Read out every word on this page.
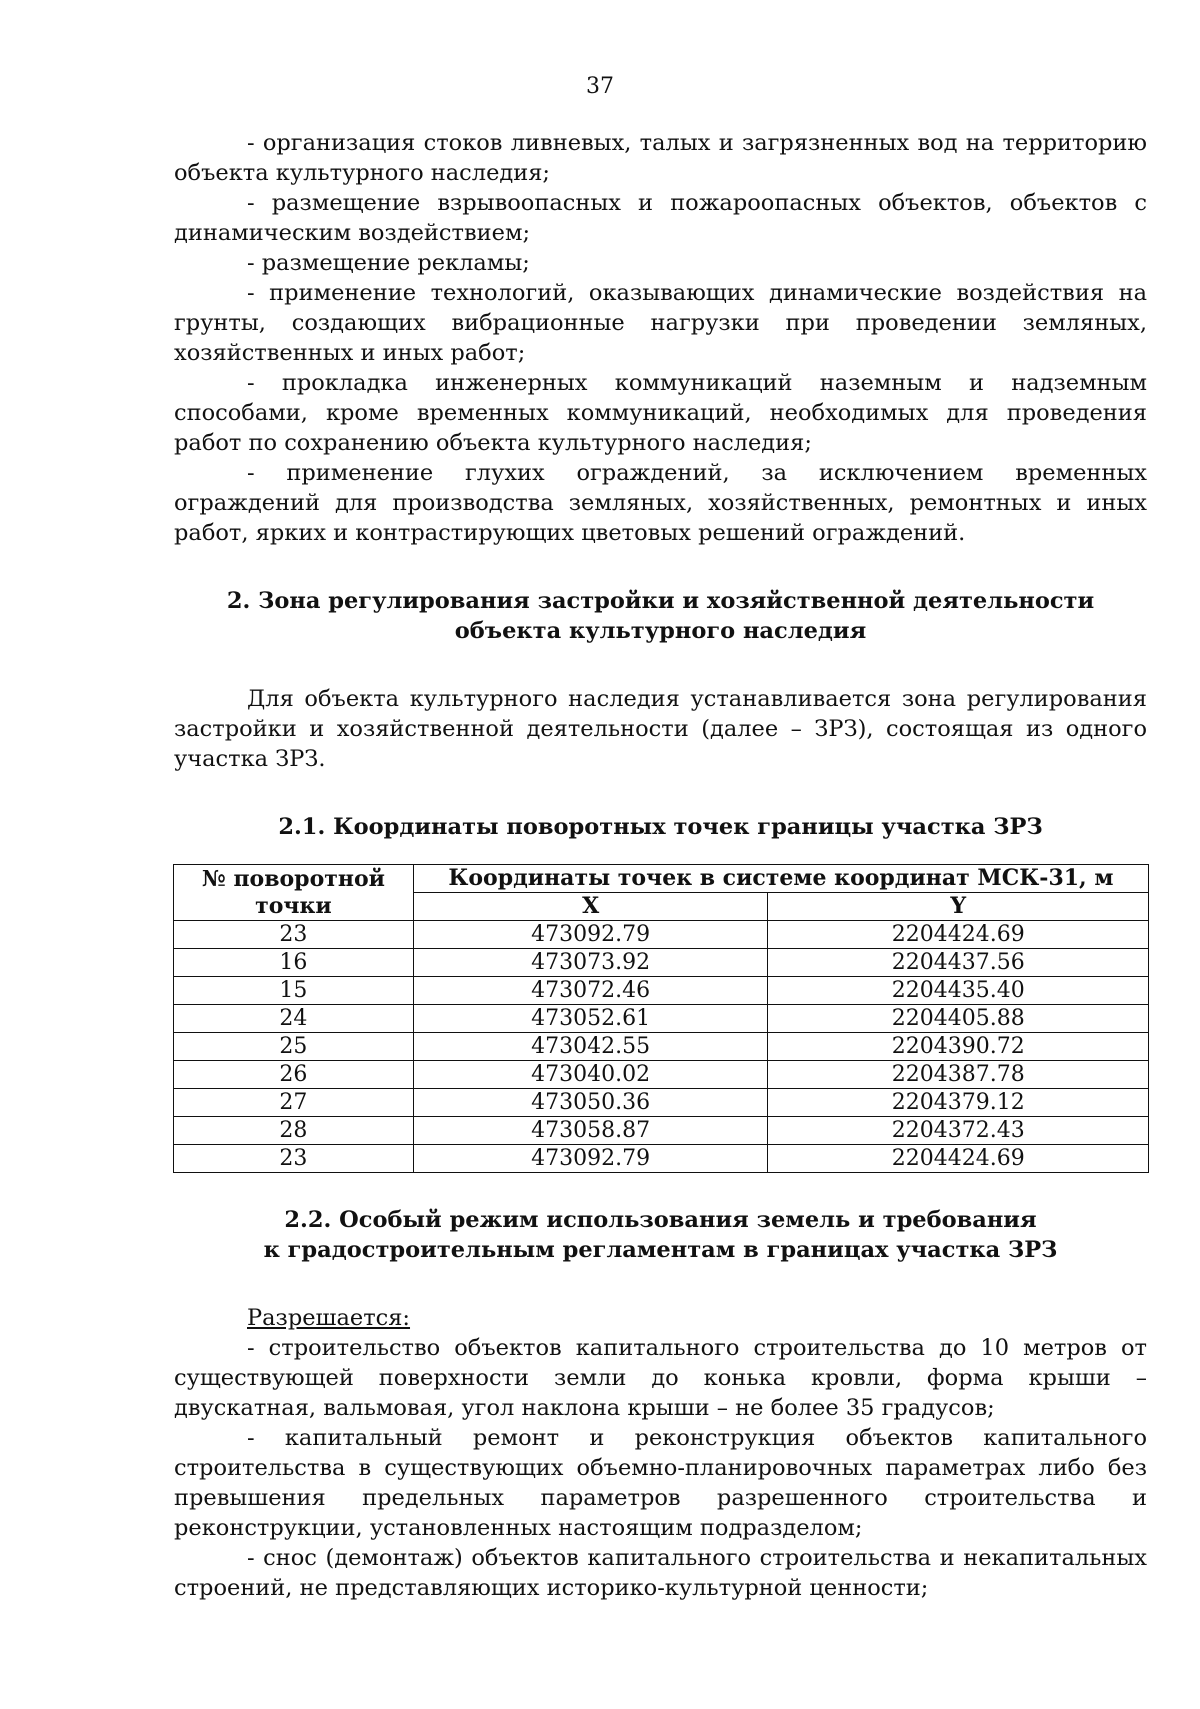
37

- организация стоков ливневых, талых и загрязненных вод на территорию объекта культурного наследия;

- размещение взрывоопасных и пожароопасных объектов, объектов с динамическим воздействием;

- размещение рекламы;

- применение технологий, оказывающих динамические воздействия на грунты, создающих вибрационные нагрузки при проведении земляных, хозяйственных и иных работ;

- прокладка инженерных коммуникаций наземным и надземным способами, кроме временных коммуникаций, необходимых для проведения работ по сохранению объекта культурного наследия;

- применение глухих ограждений, за исключением временных ограждений для производства земляных, хозяйственных, ремонтных и иных работ, ярких и контрастирующих цветовых решений ограждений.

2. Зона регулирования застройки и хозяйственной деятельности
объекта культурного наследия

Для объекта культурного наследия устанавливается зона регулирования застройки и хозяйственной деятельности (далее – ЗРЗ), состоящая из одного участка ЗРЗ.

2.1. Координаты поворотных точек границы участка ЗРЗ
№ поворотной точки	Координаты точек в системе координат МСК-31, м	
	X	Y
23	473092.79	2204424.69
16	473073.92	2204437.56
15	473072.46	2204435.40
24	473052.61	2204405.88
25	473042.55	2204390.72
26	473040.02	2204387.78
27	473050.36	2204379.12
28	473058.87	2204372.43
23	473092.79	2204424.69
2.2. Особый режим использования земель и требования
к градостроительным регламентам в границах участка ЗРЗ

Разрешается:

- строительство объектов капитального строительства до 10 метров от существующей поверхности земли до конька кровли, форма крыши – двускатная, вальмовая, угол наклона крыши – не более 35 градусов;

- капитальный ремонт и реконструкция объектов капитального строительства в существующих объемно-планировочных параметрах либо без превышения предельных параметров разрешенного строительства и реконструкции, установленных настоящим подразделом;

- снос (демонтаж) объектов капитального строительства и некапитальных строений, не представляющих историко-культурной ценности;
